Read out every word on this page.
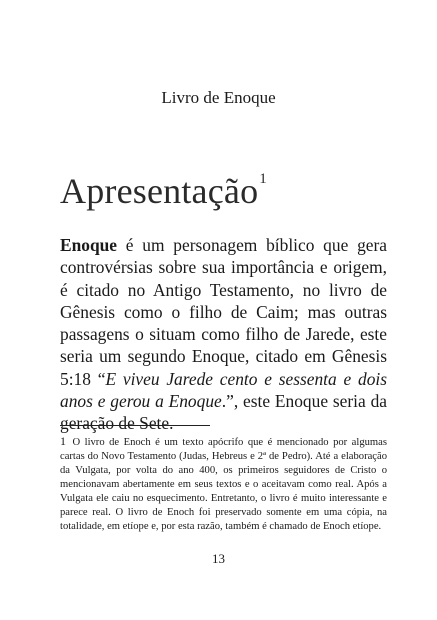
Livro de Enoque
Apresentação$^1$

Enoque é um personagem bíblico que gera controvérsias sobre sua importância e origem, é citado no Antigo Testamento, no livro de Gênesis como o filho de Caim; mas outras passagens o situam como filho de Jarede, este seria um segundo Enoque, citado em Gênesis 5:18 “E viveu Jarede cento e sessenta e dois anos e gerou a Enoque.”, este Enoque seria da geração de Sete.

1 O livro de Enoch é um texto apócrifo que é mencionado por algumas cartas do Novo Testamento (Judas, Hebreus e 2ª de Pedro). Até a elaboração da Vulgata, por volta do ano 400, os primeiros seguidores de Cristo o mencionavam abertamente em seus textos e o aceitavam como real. Após a Vulgata ele caiu no esquecimento. Entretanto, o livro é muito interessante e parece real. O livro de Enoch foi preservado somente em uma cópia, na totalidade, em etíope e, por esta razão, também é chamado de Enoch etíope.

13
